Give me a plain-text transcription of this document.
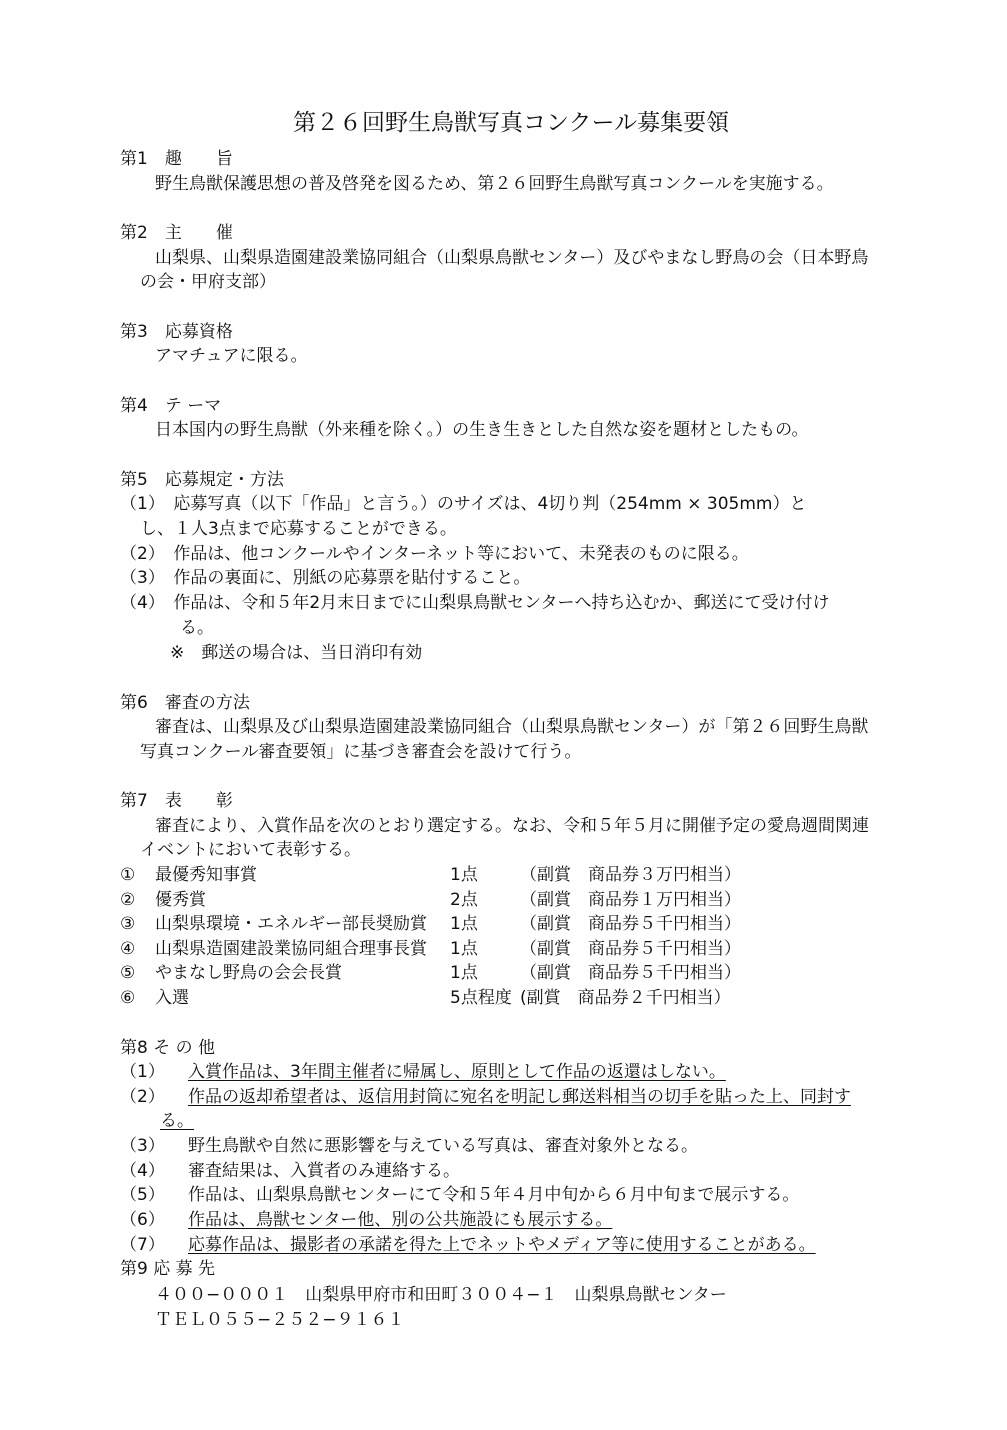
第２６回野生鳥獣写真コンクール募集要領
第1　趣　　旨
野生鳥獣保護思想の普及啓発を図るため、第２６回野生鳥獣写真コンクールを実施する。
第2　主　　催
山梨県、山梨県造園建設業協同組合（山梨県鳥獣センター）及びやまなし野鳥の会（日本野鳥
の会・甲府支部）
第3　応募資格
アマチュアに限る。
第4　テ ーマ
日本国内の野生鳥獣（外来種を除く。）の生き生きとした自然な姿を題材としたもの。
第5　応募規定・方法
（1）　応募写真（以下「作品」と言う。）のサイズは、4切り判（254mm × 305mm）と
し、１人3点まで応募することができる。
（2）　作品は、他コンクールやインターネット等において、未発表のものに限る。
（3）　作品の裏面に、別紙の応募票を貼付すること。
（4）　作品は、令和５年2月末日までに山梨県鳥獣センターへ持ち込むか、郵送にて受け付け
る。
※　郵送の場合は、当日消印有効
第6　審査の方法
審査は、山梨県及び山梨県造園建設業協同組合（山梨県鳥獣センター）が「第２６回野生鳥獣
写真コンクール審査要領」に基づき審査会を設けて行う。
第7　表　　彰
審査により、入賞作品を次のとおり選定する。なお、令和５年５月に開催予定の愛鳥週間関連
イベントにおいて表彰する。
① 最優秀知事賞	1点 （副賞　商品券３万円相当）
② 優秀賞	2点 （副賞　商品券１万円相当）
③ 山梨県環境・エネルギー部長奨励賞 1点 （副賞　商品券５千円相当）
④ 山梨県造園建設業協同組合理事長賞 1点 （副賞　商品券５千円相当）
⑤ やまなし野鳥の会会長賞	1点 （副賞　商品券５千円相当）
⑥ 入選	5点程度 (副賞　商品券２千円相当）
第8 そ の 他
（1） 入賞作品は、3年間主催者に帰属し、原則として作品の返還はしない。
（2） 作品の返却希望者は、返信用封筒に宛名を明記し郵送料相当の切手を貼った上、同封す
る。
（3） 野生鳥獣や自然に悪影響を与えている写真は、審査対象外となる。
（4） 審査結果は、入賞者のみ連絡する。
（5） 作品は、山梨県鳥獣センターにて令和５年４月中旬から６月中旬まで展示する。
（6） 作品は、鳥獣センター他、別の公共施設にも展示する。
（7） 応募作品は、撮影者の承諾を得た上でネットやメディア等に使用することがある。
第9 応 募 先
４００−０００１　山梨県甲府市和田町３００４−１　山梨県鳥獣センター
ＴＥＬ０５５−２５２−９１６１
